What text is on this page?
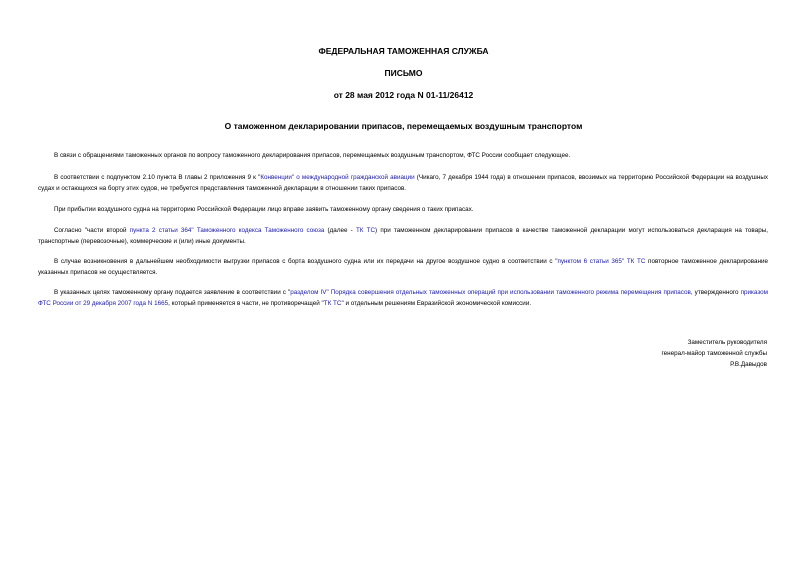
ФЕДЕРАЛЬНАЯ ТАМОЖЕННАЯ СЛУЖБА
ПИСЬМО
от 28 мая 2012 года N 01-11/26412
О таможенном декларировании припасов, перемещаемых воздушным транспортом

В связи с обращениями таможенных органов по вопросу таможенного декларирования припасов, перемещаемых воздушным транспортом, ФТС России сообщает следующее.

В соответствии с подпунктом 2.10 пункта В главы 2 приложения 9 к "Конвенции" о международной гражданской авиации (Чикаго, 7 декабря 1944 года) в отношении припасов, ввозимых на территорию Российской Федерации на воздушных судах и остающихся на борту этих судов, не требуется представления таможенной декларации в отношении таких припасов.

При прибытии воздушного судна на территорию Российской Федерации лицо вправе заявить таможенному органу сведения о таких припасах.

Согласно "части второй пункта 2 статьи 364" Таможенного кодекса Таможенного союза (далее - ТК ТС) при таможенном декларировании припасов в качестве таможенной декларации могут использоваться декларация на товары, транспортные (перевозочные), коммерческие и (или) иные документы.

В случае возникновения в дальнейшем необходимости выгрузки припасов с борта воздушного судна или их передачи на другое воздушное судно в соответствии с "пунктом 6 статьи 365" ТК ТС повторное таможенное декларирование указанных припасов не осуществляется.

В указанных целях таможенному органу подается заявление в соответствии с "разделом IV" Порядка совершения отдельных таможенных операций при использовании таможенного режима перемещения припасов, утвержденного приказом ФТС России от 29 декабря 2007 года N 1665, который применяется в части, не противоречащей "ТК ТС" и отдельным решениям Евразийской экономической комиссии.

Заместитель руководителя
генерал-майор таможенной службы
Р.В.Давыдов
